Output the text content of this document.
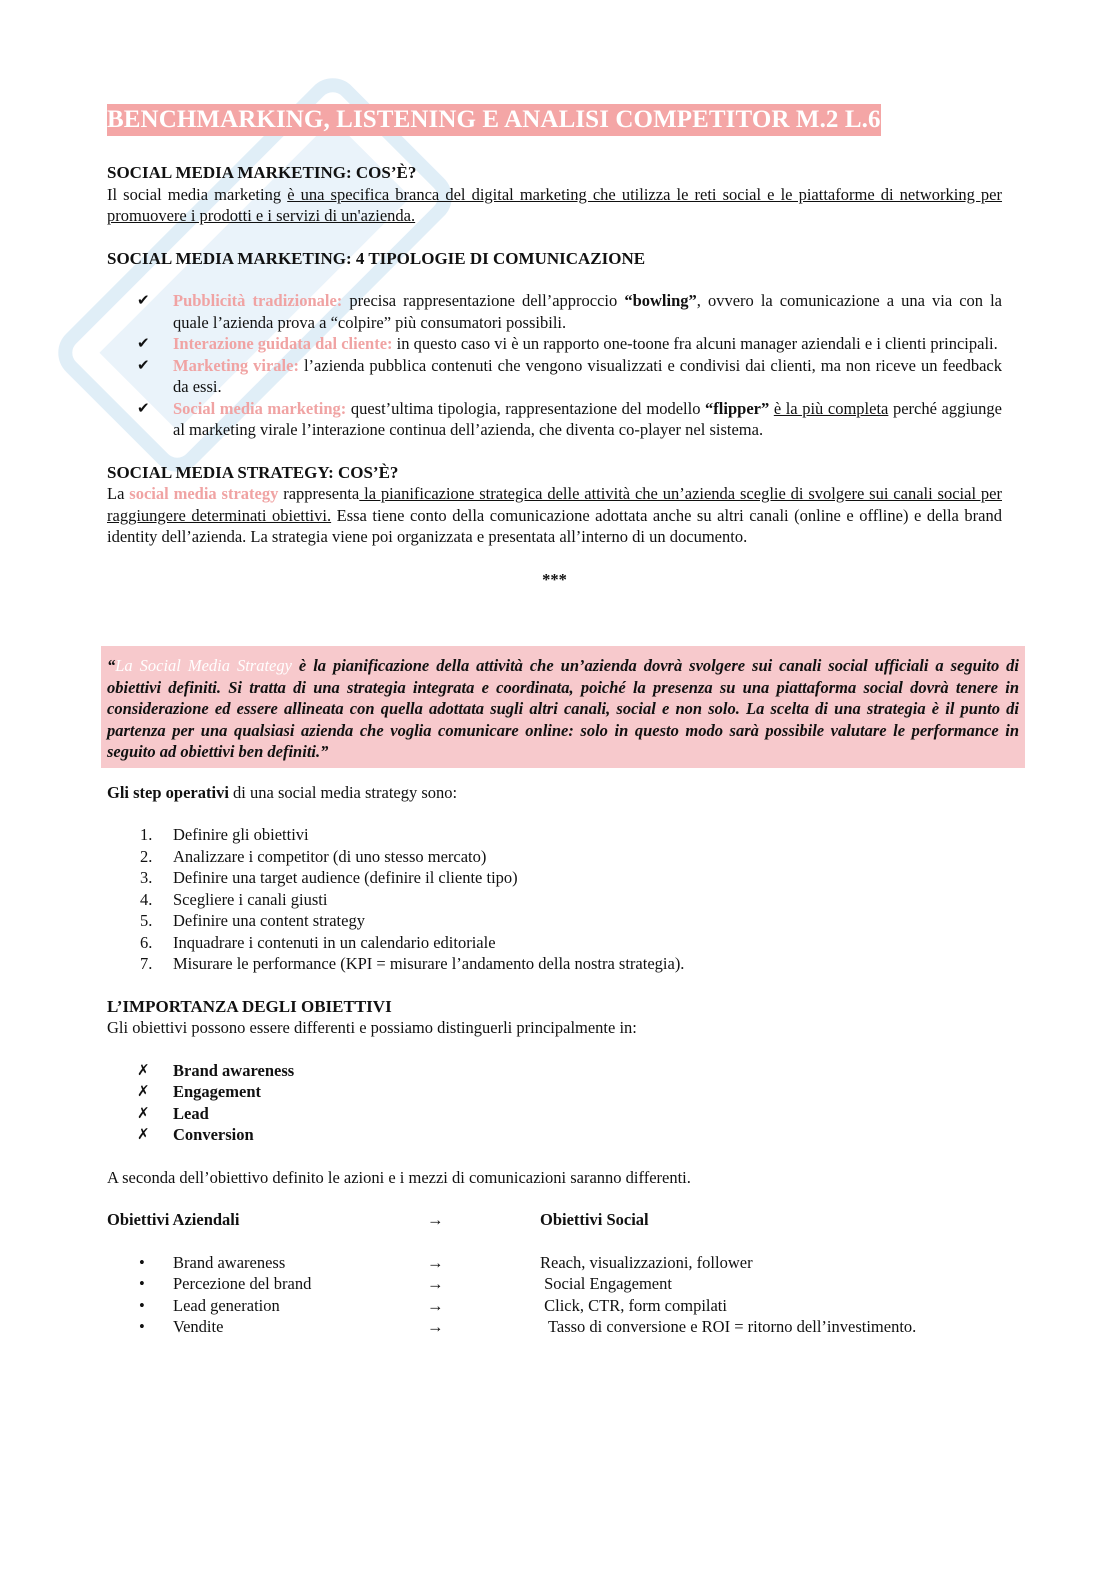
BENCHMARKING, LISTENING E ANALISI COMPETITOR M.2 L.6
SOCIAL MEDIA MARKETING: COS’È?

Il social media marketing è una specifica branca del digital marketing che utilizza le reti social e le piattaforme di networking per promuovere i prodotti e i servizi di un'azienda.

SOCIAL MEDIA MARKETING: 4 TIPOLOGIE DI COMUNICAZIONE
✔	Pubblicità tradizionale: precisa rappresentazione dell’approccio “bowling”, ovvero la comunicazione a una via con la quale l’azienda prova a “colpire” più consumatori possibili.
✔	Interazione guidata dal cliente: in questo caso vi è un rapporto one-toone fra alcuni manager aziendali e i clienti principali.
✔	Marketing virale: l’azienda pubblica contenuti che vengono visualizzati e condivisi dai clienti, ma non riceve un feedback da essi.
✔	Social media marketing: quest’ultima tipologia, rappresentazione del modello “flipper” è la più completa perché aggiunge al marketing virale l’interazione continua dell’azienda, che diventa co-player nel sistema.
SOCIAL MEDIA STRATEGY: COS’È?

La social media strategy rappresenta la pianificazione strategica delle attività che un’azienda sceglie di svolgere sui canali social per raggiungere determinati obiettivi. Essa tiene conto della comunicazione adottata anche su altri canali (online e offline) e della brand identity dell’azienda. La strategia viene poi organizzata e presentata all’interno di un documento.

***

Gli step operativi di una social media strategy sono:

1. Definire gli obiettivi
2. Analizzare i competitor (di uno stesso mercato)
3. Definire una target audience (definire il cliente tipo)
4. Scegliere i canali giusti
5. Definire una content strategy
6. Inquadrare i contenuti in un calendario editoriale
7. Misurare le performance (KPI = misurare l’andamento della nostra strategia).
L’IMPORTANZA DEGLI OBIETTIVI

Gli obiettivi possono essere differenti e possiamo distinguerli principalmente in:

✗	Brand awareness
✗	Engagement
✗	Lead
✗	Conversion

A seconda dell’obiettivo definito le azioni e i mezzi di comunicazioni saranno differenti.

Obiettivi Aziendali	→	Obiettivi Social
• Brand awareness	→	Reach, visualizzazioni, follower
• Percezione del brand	→	Social Engagement
• Lead generation	→	Click, CTR, form compilati
• Vendite	→	Tasso di conversione e ROI = ritorno dell’investimento.
“La Social Media Strategy è la pianificazione della attività che un’azienda dovrà svolgere sui canali social ufficiali a seguito di obiettivi definiti. Si tratta di una strategia integrata e coordinata, poiché la presenza su una piattaforma social dovrà tenere in considerazione ed essere allineata con quella adottata sugli altri canali, social e non solo. La scelta di una strategia è il punto di partenza per una qualsiasi azienda che voglia comunicare online: solo in questo modo sarà possibile valutare le performance in seguito ad obiettivi ben definiti.”
